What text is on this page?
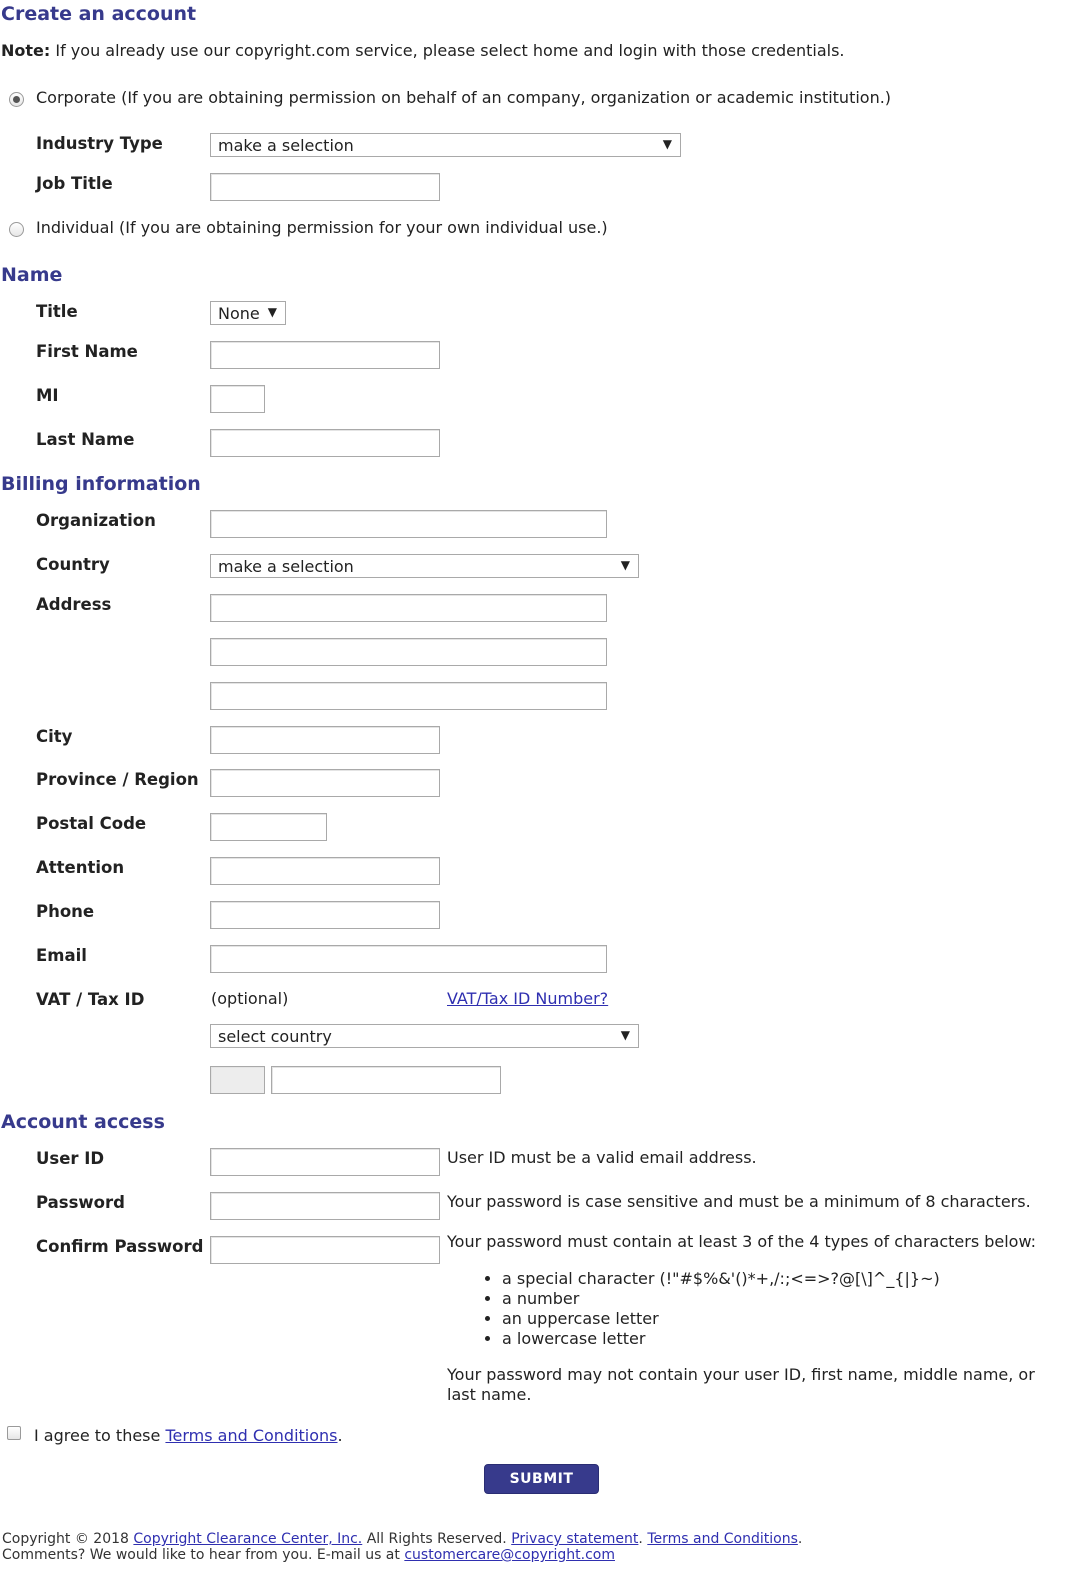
Create an account
Note: If you already use our copyright.com service, please select home and login with those credentials.
Corporate (If you are obtaining permission on behalf of an company, organization or academic institution.)
Industry Type	make a selection	▼
Job Title
Individual (If you are obtaining permission for your own individual use.)
Name
Title	None ▼
First Name
MI
Last Name
Billing information
Organization
Country	make a selection	▼
Address
City
Province / Region
Postal Code
Attention
Phone
Email
VAT / Tax ID	(optional)	VAT/Tax ID Number?
select country	▼
Account access
User ID	User ID must be a valid email address.
Password	Your password is case sensitive and must be a minimum of 8 characters.
Confirm Password	Your password must contain at least 3 of the 4 types of characters below:
• a special character (!"#$%&'()*+,/:;<=>?@[\]^_{|}~)
• a number
• an uppercase letter
• a lowercase letter
Your password may not contain your user ID, first name, middle name, or
last name.
I agree to these Terms and Conditions.
SUBMIT
Copyright © 2018 Copyright Clearance Center, Inc. All Rights Reserved. Privacy statement. Terms and Conditions.
Comments? We would like to hear from you. E-mail us at customercare@copyright.com
